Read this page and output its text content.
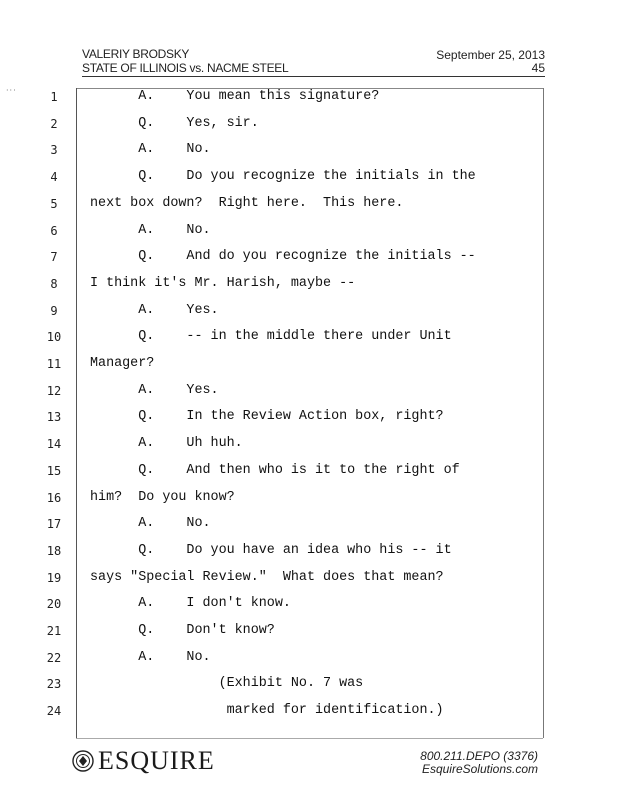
VALERIY BRODSKY
STATE OF ILLINOIS vs. NACME STEEL
September 25, 2013
45
···	1	A.    You mean this signature?
2	Q.    Yes, sir.
3	A.    No.
4	Q.    Do you recognize the initials in the
5	next box down?  Right here.  This here.
6	A.    No.
7	Q.    And do you recognize the initials --
8	I think it's Mr. Harish, maybe --
9	A.    Yes.
10	Q.    -- in the middle there under Unit
11	Manager?
12	A.    Yes.
13	Q.    In the Review Action box, right?
14	A.    Uh huh.
15	Q.    And then who is it to the right of
16	him?  Do you know?
17	A.    No.
18	Q.    Do you have an idea who his -- it
19	says "Special Review."  What does that mean?
20	A.    I don't know.
21	Q.    Don't know?
22	A.    No.
23	(Exhibit No. 7 was
24	marked for identification.)
ESQUIRE	800.211.DEPO (3376)
EsquireSolutions.com
